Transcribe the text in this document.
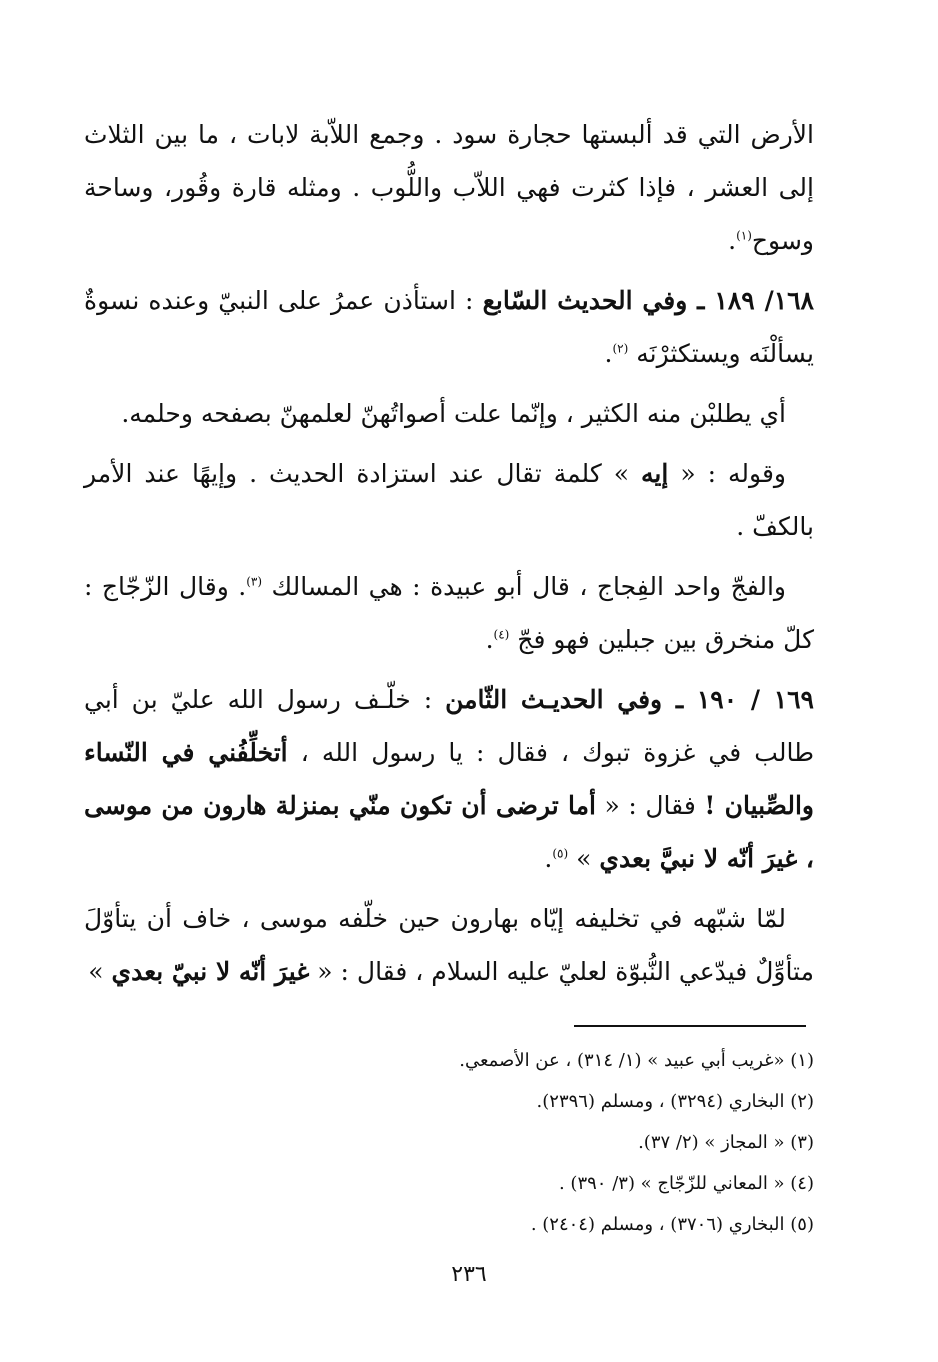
الأرض التي قد ألبستها حجارة سود . وجمع اللاّبة لابات ، ما بين الثلاث إلى العشر ، فإذا كثرت فهي اللاّب واللُّوب . ومثله قارة وقُور، وساحة وسوح$^{(١)}$.

١٦٨/ ١٨٩ ـ وفي الحديث السّابع : استأذن عمرُ على النبيّ وعنده نسوةٌ يسألْنَه ويستكثرْنَه $^{(٢)}$.

أي يطلبْن منه الكثير ، وإنّما علت أصواتُهنّ لعلمهنّ بصفحه وحلمه.

وقوله : « إيه » كلمة تقال عند استزادة الحديث . وإيهًا عند الأمر بالكفّ .

والفجّ واحد الفِجاج ، قال أبو عبيدة : هي المسالك $^{(٣)}$. وقال الزّجّاج : كلّ منخرق بين جبلين فهو فجّ $^{(٤)}$.

١٦٩ / ١٩٠ ـ وفي الحديـث الثّامن : خلّـف رسول الله عليّ بن أبي طالب في غزوة تبوك ، فقال : يا رسول الله ، أتخلِّفُني في النّساء والصِّبيان ! فقال : « أما ترضى أن تكون منّي بمنزلة هارون من موسى ، غيرَ أنّه لا نبيَّ بعدي » $^{(٥)}$.

لمّا شبّهه في تخليفه إيّاه بهارون حين خلّفه موسى ، خاف أن يتأوّلَ متأوِّلٌ فيدّعي النُّبوّة لعليّ عليه السلام ، فقال : « غيرَ أنّه لا نبيّ بعدي »

(١) «غريب أبي عبيد » (١/ ٣١٤) ، عن الأصمعي.

(٢) البخاري (٣٢٩٤) ، ومسلم (٢٣٩٦).

(٣) « المجاز » (٢/ ٣٧).

(٤) « المعاني للزّجّاج » (٣/ ٣٩٠) .

(٥) البخاري (٣٧٠٦) ، ومسلم (٢٤٠٤) .

٢٣٦
